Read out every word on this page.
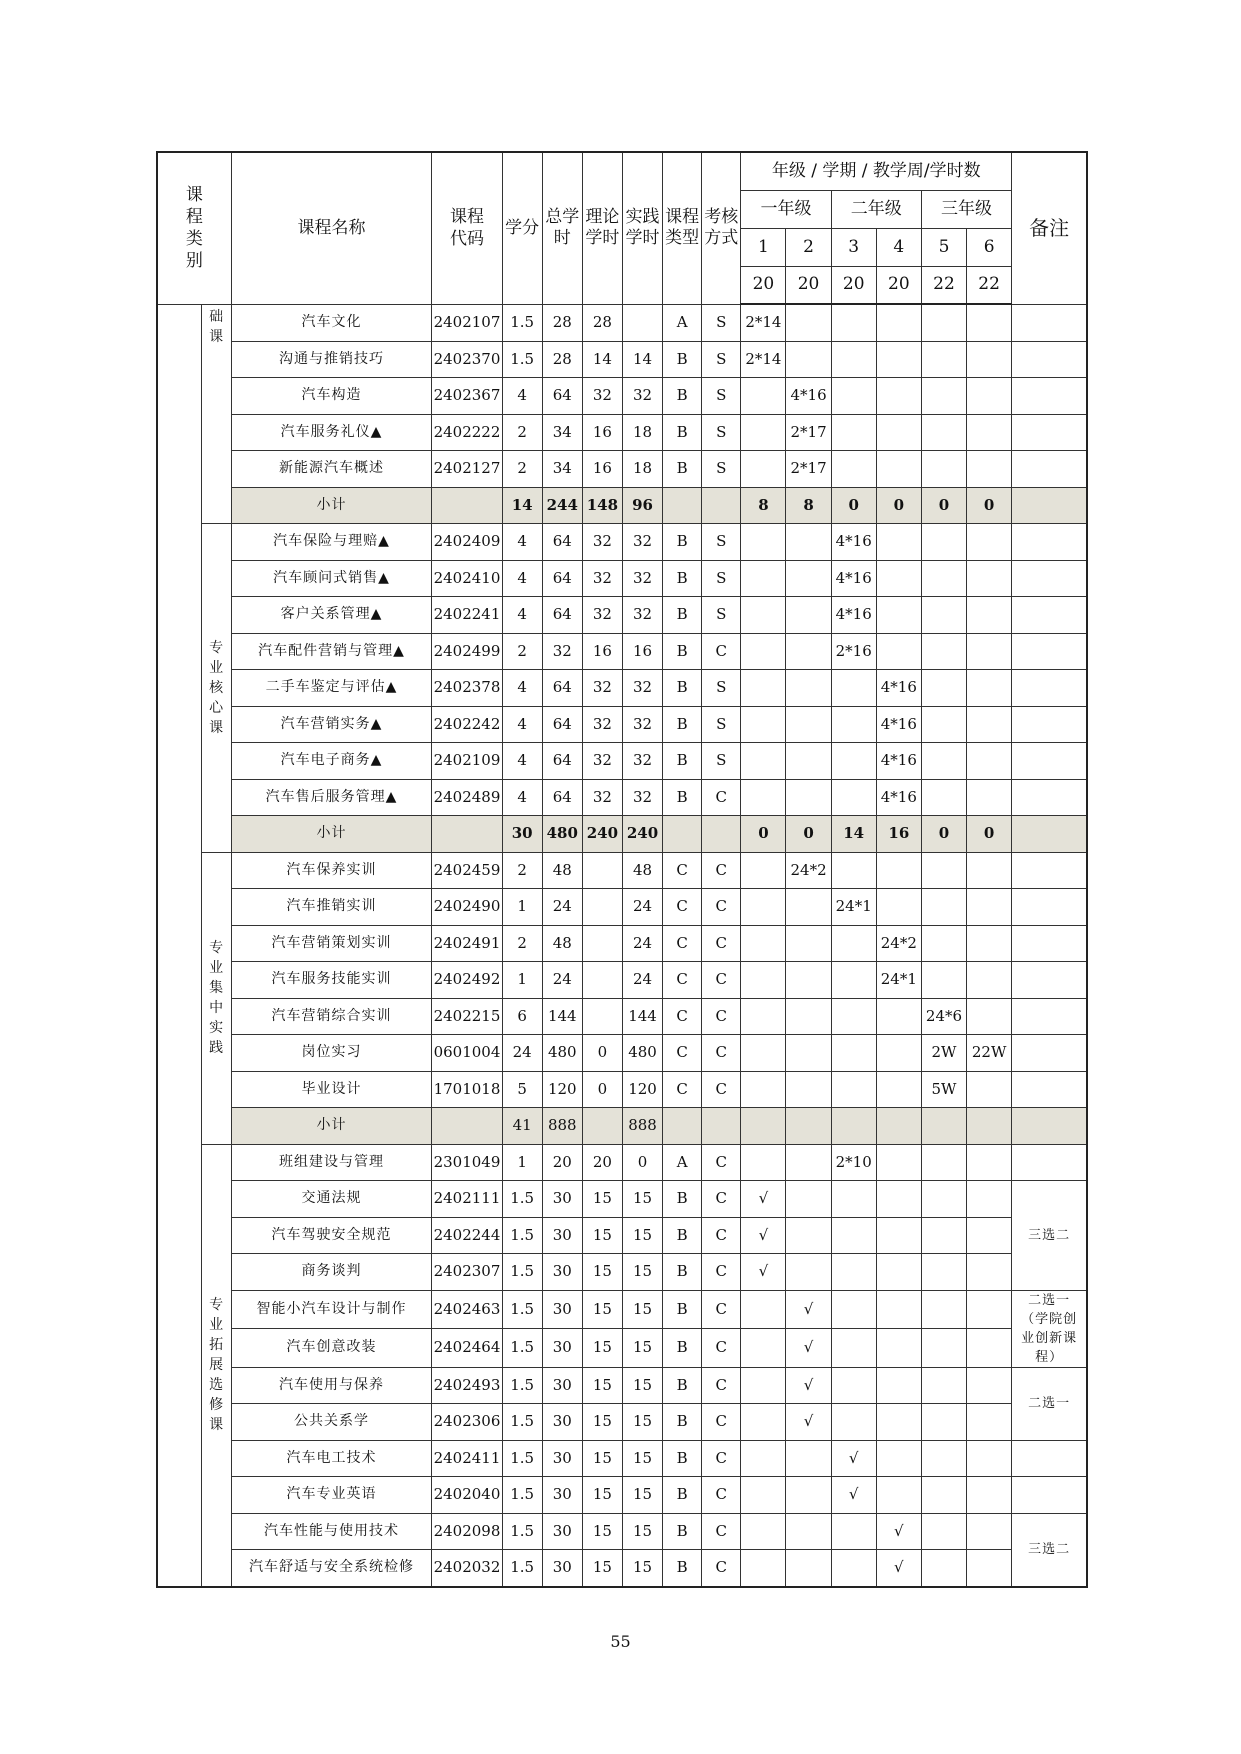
课程类别		课程名称	课程代码	学分	总学时	理论学时	实践学时	课程类型	考核方式	年级 / 学期 / 教学周/学时数						备注
										一年级		二年级		三年级		
										1	2	3	4	5	6	
										20	20	20	20	22	22	
	础课	汽车文化	2402107	1.5	28	28		A	S	2*14						
		沟通与推销技巧	2402370	1.5	28	14	14	B	S	2*14						
		汽车构造	2402367	4	64	32	32	B	S		4*16					
		汽车服务礼仪▲	2402222	2	34	16	18	B	S		2*17					
		新能源汽车概述	2402127	2	34	16	18	B	S		2*17					
		小计		14	244	148	96			8	8	0	0	0	0	
	专业核心课	汽车保险与理赔▲	2402409	4	64	32	32	B	S			4*16				
		汽车顾问式销售▲	2402410	4	64	32	32	B	S			4*16				
		客户关系管理▲	2402241	4	64	32	32	B	S			4*16				
		汽车配件营销与管理▲	2402499	2	32	16	16	B	C			2*16				
		二手车鉴定与评估▲	2402378	4	64	32	32	B	S				4*16			
		汽车营销实务▲	2402242	4	64	32	32	B	S				4*16			
		汽车电子商务▲	2402109	4	64	32	32	B	S				4*16			
		汽车售后服务管理▲	2402489	4	64	32	32	B	C				4*16			
		小计		30	480	240	240			0	0	14	16	0	0	
	专业集中实践	汽车保养实训	2402459	2	48		48	C	C		24*2					
		汽车推销实训	2402490	1	24		24	C	C			24*1				
		汽车营销策划实训	2402491	2	48		24	C	C				24*2			
		汽车服务技能实训	2402492	1	24		24	C	C				24*1			
		汽车营销综合实训	2402215	6	144		144	C	C					24*6		
		岗位实习	0601004	24	480	0	480	C	C					2W	22W	
		毕业设计	1701018	5	120	0	120	C	C					5W		
		小计		41	888		888									
	专业拓展选修课	班组建设与管理	2301049	1	20	20	0	A	C			2*10				
		交通法规	2402111	1.5	30	15	15	B	C	√						三选二
		汽车驾驶安全规范	2402244	1.5	30	15	15	B	C	√						
		商务谈判	2402307	1.5	30	15	15	B	C	√						
		智能小汽车设计与制作	2402463	1.5	30	15	15	B	C		√					二选一（学院创业创新课程）
		汽车创意改装	2402464	1.5	30	15	15	B	C		√					
		汽车使用与保养	2402493	1.5	30	15	15	B	C		√					二选一
		公共关系学	2402306	1.5	30	15	15	B	C		√					
		汽车电工技术	2402411	1.5	30	15	15	B	C			√				
		汽车专业英语	2402040	1.5	30	15	15	B	C			√				
		汽车性能与使用技术	2402098	1.5	30	15	15	B	C				√			三选二
		汽车舒适与安全系统检修	2402032	1.5	30	15	15	B	C				√			
55
